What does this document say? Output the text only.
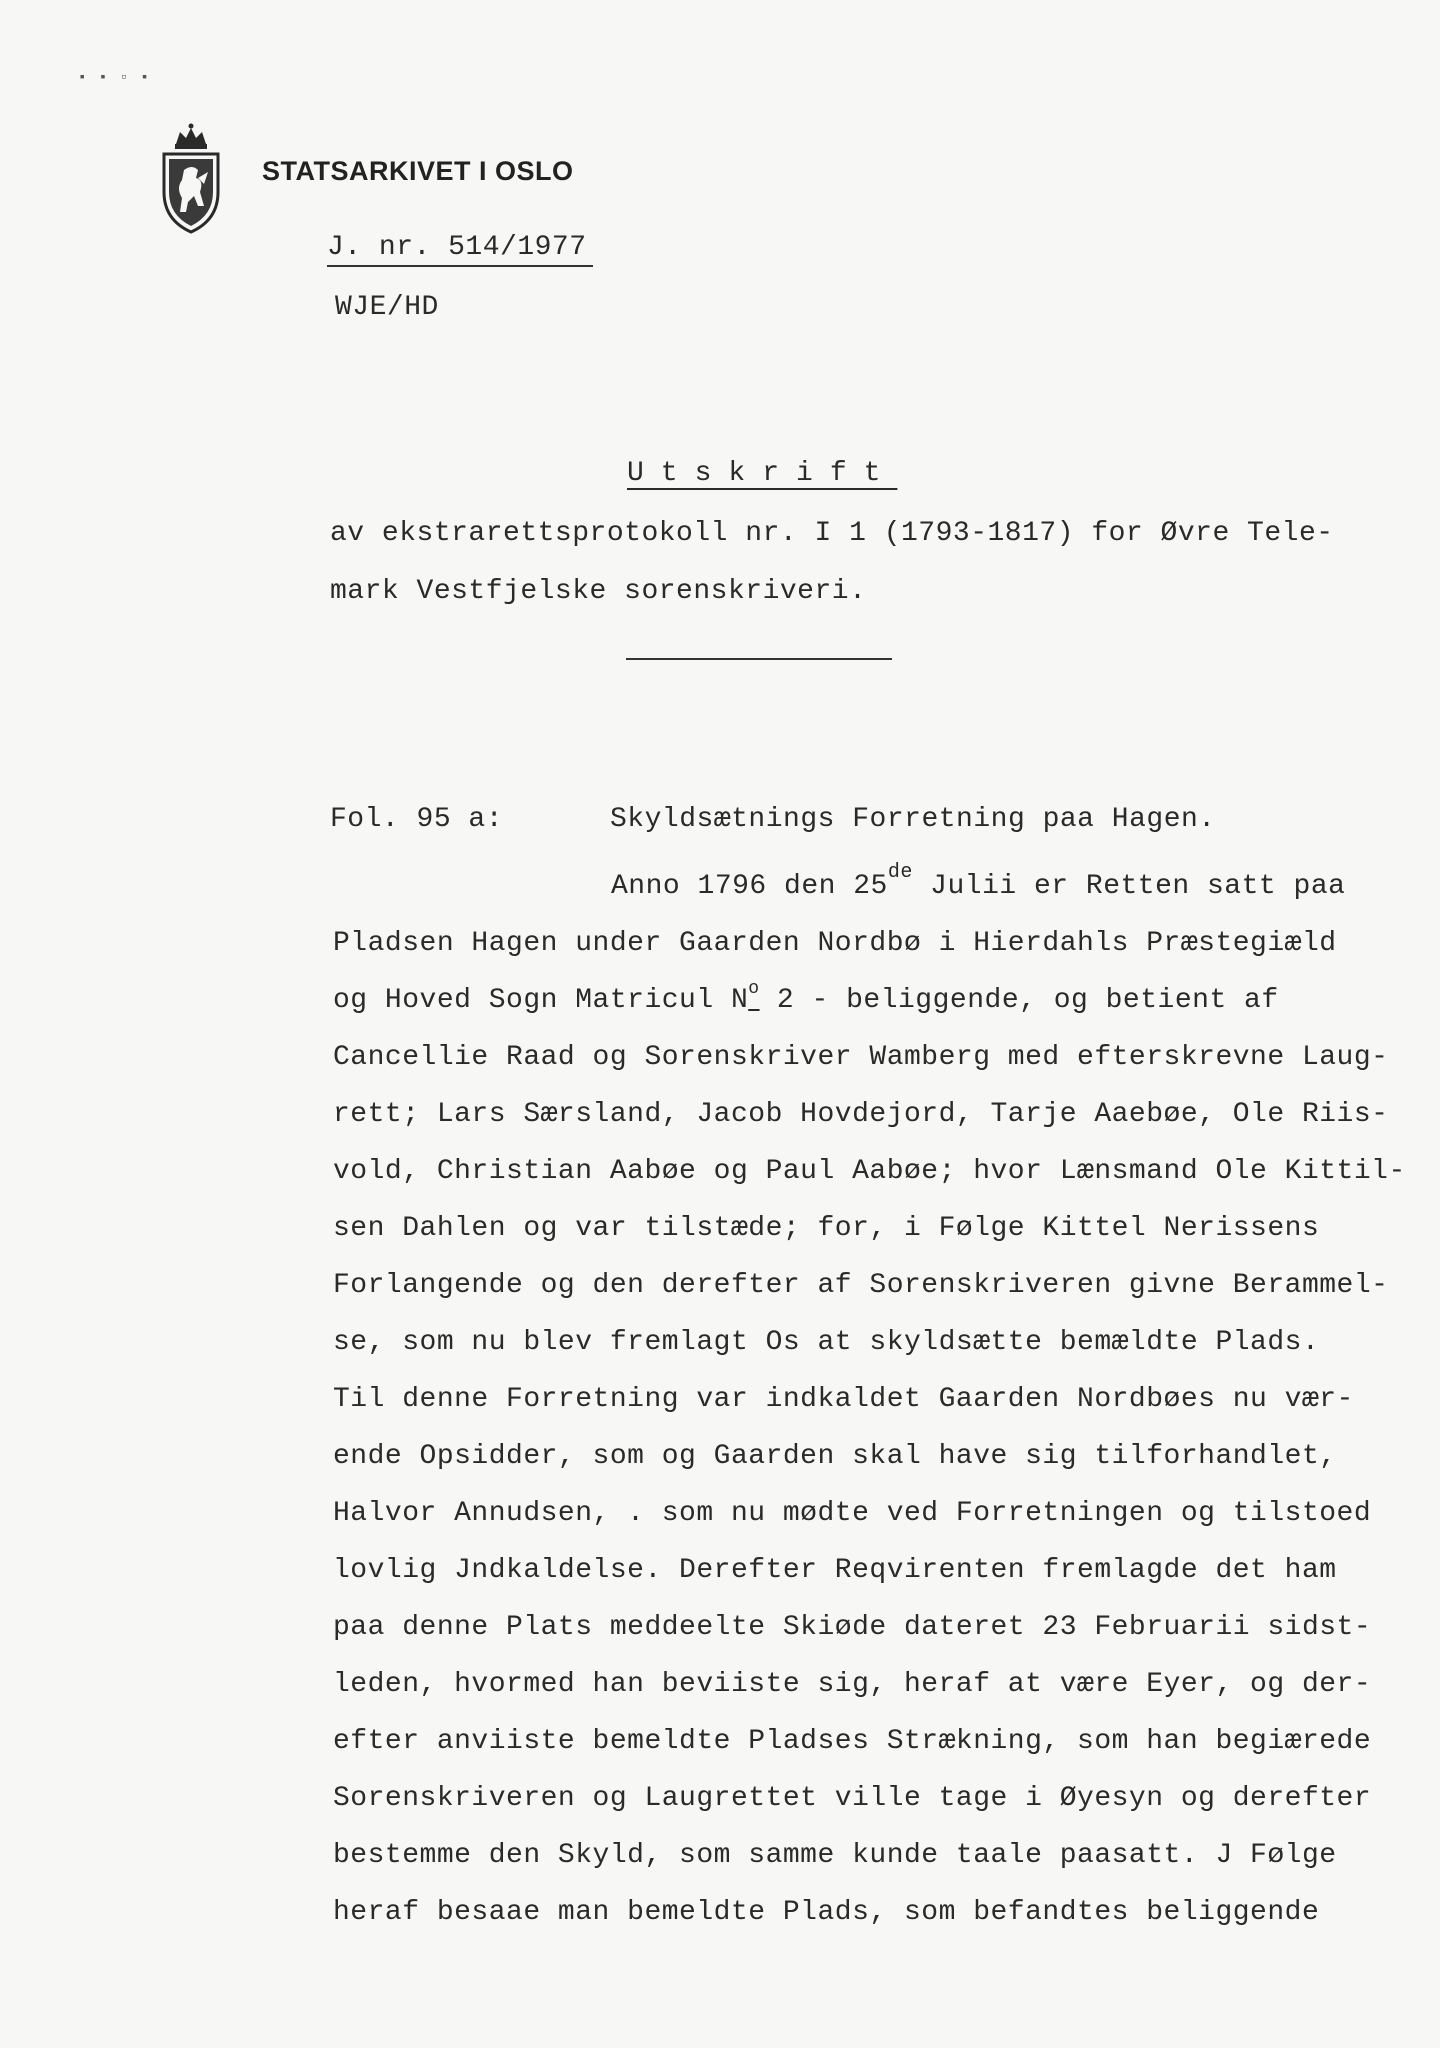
▪ ▪ ▫ ▪
STATSARKIVET I OSLO
J. nr. 514/1977
WJE/HD
Utskrift
av ekstrarettsprotokoll nr. I 1 (1793-1817) for Øvre Tele-
mark Vestfjelske sorenskriveri.
Fol. 95 a:	Skyldsætnings Forretning paa Hagen.
Anno 1796 den 25de Julii er Retten satt paa
Pladsen Hagen under Gaarden Nordbø i Hierdahls Præstegiæld
og Hoved Sogn Matricul $N^o$ 2 - beliggende, og betient af
Cancellie Raad og Sorenskriver Wamberg med efterskrevne Laug-
rett; Lars Særsland, Jacob Hovdejord, Tarje Aaebøe, Ole Riis-
vold, Christian Aabøe og Paul Aabøe; hvor Lænsmand Ole Kittil-
sen Dahlen og var tilstæde; for, i Følge Kittel Nerissens
Forlangende og den derefter af Sorenskriveren givne Berammel-
se, som nu blev fremlagt Os at skyldsætte bemældte Plads.
Til denne Forretning var indkaldet Gaarden Nordbøes nu vær-
ende Opsidder, som og Gaarden skal have sig tilforhandlet,
Halvor Annudsen, . som nu mødte ved Forretningen og tilstoed
lovlig Jndkaldelse. Derefter Reqvirenten fremlagde det ham
paa denne Plats meddeelte Skiøde dateret 23 Februarii sidst-
leden, hvormed han beviiste sig, heraf at være Eyer, og der-
efter anviiste bemeldte Pladses Strækning, som han begiærede
Sorenskriveren og Laugrettet ville tage i Øyesyn og derefter
bestemme den Skyld, som samme kunde taale paasatt. J Følge
heraf besaae man bemeldte Plads, som befandtes beliggende
